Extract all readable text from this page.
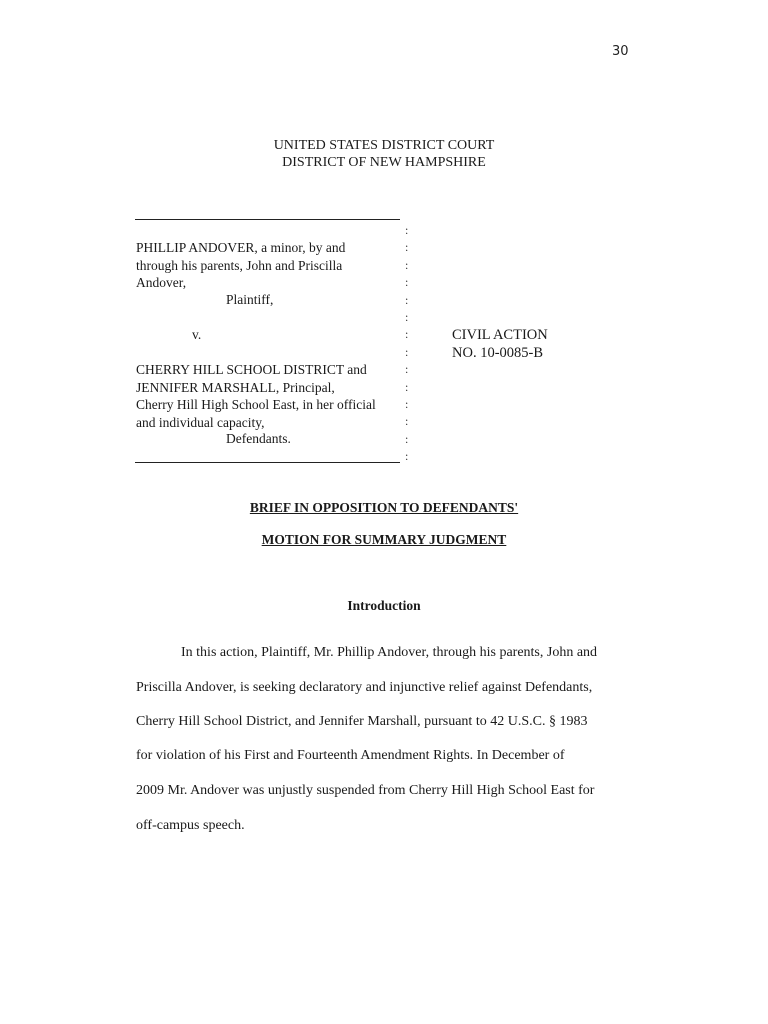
30
UNITED STATES DISTRICT COURT
DISTRICT OF NEW HAMPSHIRE
PHILLIP ANDOVER, a minor, by and
through his parents, John and Priscilla
Andover,
Plaintiff,
v.
CHERRY HILL SCHOOL DISTRICT and
JENNIFER MARSHALL, Principal,
Cherry Hill High School East, in her official
and individual capacity,
Defendants.
:
:
:
:
:
:
:
:
:
:
:
:
:
:
CIVIL ACTION
NO. 10-0085-B
BRIEF IN OPPOSITION TO DEFENDANTS'
MOTION FOR SUMMARY JUDGMENT
Introduction
In this action, Plaintiff, Mr. Phillip Andover, through his parents, John and
Priscilla Andover, is seeking declaratory and injunctive relief against Defendants,
Cherry Hill School District, and Jennifer Marshall, pursuant to 42 U.S.C. § 1983
for violation of his First and Fourteenth Amendment Rights. In December of
2009 Mr. Andover was unjustly suspended from Cherry Hill High School East for
off-campus speech.
